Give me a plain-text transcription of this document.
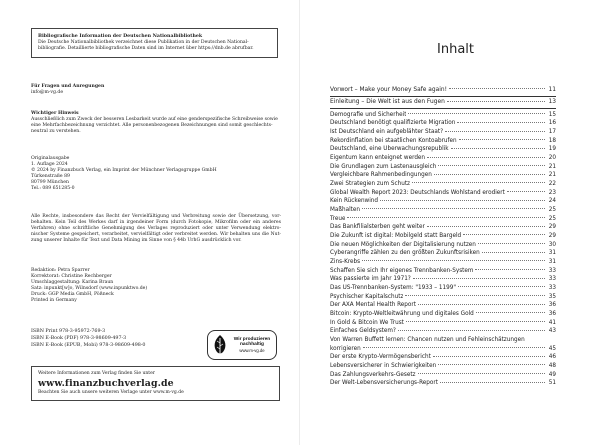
Bibliografische Information der Deutschen Nationalbibliothek
Die Deutsche Nationalbibliothek verzeichnet diese Publikation in der Deutschen National-bibliografie. Detaillierte bibliografische Daten sind im Internet über https://dnb.de abrufbar.
Für Fragen und Anregungen
info@m-vg.de
Wichtiger Hinweis
Ausschließlich zum Zweck der besseren Lesbarkeit wurde auf eine genderspezifische Schreibweise sowie eine Mehrfachbezeichnung verzichtet. Alle personenbezogenen Bezeichnungen sind somit geschlechts-neutral zu verstehen.
Originalausgabe
1. Auflage 2024
© 2024 by Finanzbuch Verlag, ein Imprint der Münchner Verlagsgruppe GmbH
Türkenstraße 89
80799 München
Tel.: 089 651285-0
Alle Rechte, insbesondere das Recht der Vervielfältigung und Verbreitung sowie der Übersetzung, vor-behalten. Kein Teil des Werkes darf in irgendeiner Form (durch Fotokopie, Mikrofilm oder ein anderes Verfahren) ohne schriftliche Genehmigung des Verlages reproduziert oder unter Verwendung elektro-nischer Systeme gespeichert, verarbeitet, vervielfältigt oder verbreitet werden. Wir behalten uns die Nut-zung unserer Inhalte für Text und Data Mining im Sinne von § 44b UrhG ausdrücklich vor.
Redaktion: Petra Sparrer
Korrektorat: Christine Rechberger
Umschlaggestaltung: Karina Braun
Satz: inpunkt[w]o, Wilnsdorf (www.inpunktwo.de)
Druck: GGP Media GmbH, Pößneck
Printed in Germany
ISBN Print 978-3-95972-769-3
ISBN E-Book (PDF) 978-3-98609-497-3
ISBN E-Book (EPUB, Mobi) 978-3-98609-498-0
Wir produzieren
nachhaltig
www.m-vg.de
Weitere Informationen zum Verlag finden Sie unter
www.finanzbuchverlag.de
Beachten Sie auch unsere weiteren Verlage unter www.m-vg.de
Inhalt
Vorwort – Make your Money Safe again!	11
Einleitung – Die Welt ist aus den Fugen	13
Demografie und Sicherheit	15
Deutschland benötigt qualifizierte Migration	16
Ist Deutschland ein aufgeblähter Staat?	17
Rekordinflation bei staatlichen Kontoabrufen	18
Deutschland, eine Überwachungsrepublik	19
Eigentum kann enteignet werden	20
Die Grundlagen zum Lastenausgleich	21
Vergleichbare Rahmenbedingungen	21
Zwei Strategien zum Schutz	22
Global Wealth Report 2023: Deutschlands Wohlstand erodiert	23
Kein Rückenwind	24
Maßhalten	25
Treue	25
Das Bankfilialsterben geht weiter	29
Die Zukunft ist digital: Mobilgeld statt Bargeld	29
Die neuen Möglichkeiten der Digitalisierung nutzen	30
Cyberangriffe zählen zu den größten Zukunftsrisiken	31
Zins-Krebs	31
Schaffen Sie sich Ihr eigenes Trennbanken-System	33
Was passierte im Jahr 1971?	33
Das US-Trennbanken-System: "1933 – 1199"	33
Psychischer Kapitalschutz	35
Der AXA Mental Health Report	36
Bitcoin: Krypto-Weltleitwährung und digitales Gold	36
In Gold & Bitcoin We Trust	41
Einfaches Geldsystem?	43
Von Warren Buffett lernen: Chancen nutzen und Fehleinschätzungen
korrigieren	45
Der erste Krypto-Vermögensbericht	46
Lebensversicherer in Schwierigkeiten	48
Das Zahlungsverkehrs-Gesetz	49
Der Welt-Lebensversicherungs-Report	51
